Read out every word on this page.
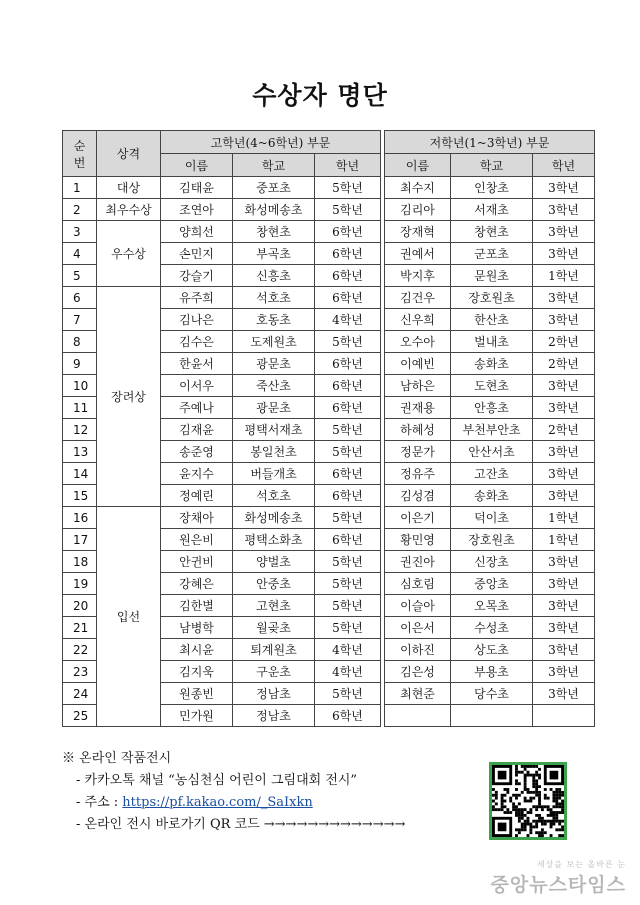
수상자 명단
순
번	상격	고학년(4~6학년) 부문				저학년(1~3학년) 부문		
		이름	학교	학년		이름	학교	학년
1	대상	김태윤	중포초	5학년		최수지	인창초	3학년
2	최우수상	조연아	화성메송초	5학년		김리아	서재초	3학년
3	우수상	양희선	창현초	6학년		장재혁	창현초	3학년
4		손민지	부곡초	6학년		권예서	군포초	3학년
5		강슬기	신흥초	6학년		박지후	문원초	1학년
6	장려상	유주희	석호초	6학년		김건우	장호원초	3학년
7		김나은	호동초	4학년		신우희	한산초	3학년
8		김수은	도제원초	5학년		오수아	벌내초	2학년
9		한윤서	광문초	6학년		이예빈	송화초	2학년
10		이서우	죽산초	6학년		남하은	도현초	3학년
11		주예나	광문초	6학년		권재용	안흥초	3학년
12		김재윤	평택서재초	5학년		하혜성	부천부안초	2학년
13		송준영	봉일천초	5학년		정문가	안산서초	3학년
14		윤지수	버들개초	6학년		정유주	고잔초	3학년
15		정예린	석호초	6학년		김성겸	송화초	3학년
16	입선	장채아	화성메송초	5학년		이은기	덕이초	1학년
17		원은비	평택소화초	6학년		황민영	장호원초	1학년
18		안귄비	양벌초	5학년		권진아	신장초	3학년
19		강혜은	안중초	5학년		심호림	중앙초	3학년
20		김한별	고현초	5학년		이슬아	오목초	3학년
21		남병학	월곶초	5학년		이은서	수성초	3학년
22		최시윤	퇴계원초	4학년		이하진	상도초	3학년
23		김지욱	구운초	4학년		김은성	부용초	3학년
24		원종빈	정남초	5학년		최현준	당수초	3학년
25		민가원	정남초	6학년				
※ 온라인 작품전시
- 카카오톡 채널 “농심천심 어린이 그림대회 전시”
- 주소 : https://pf.kakao.com/_SaIxkn
- 온라인 전시 바로가기 QR 코드 →→→→→→→→→→→→→
세상을 보는 올바른 눈
중앙뉴스타임스
